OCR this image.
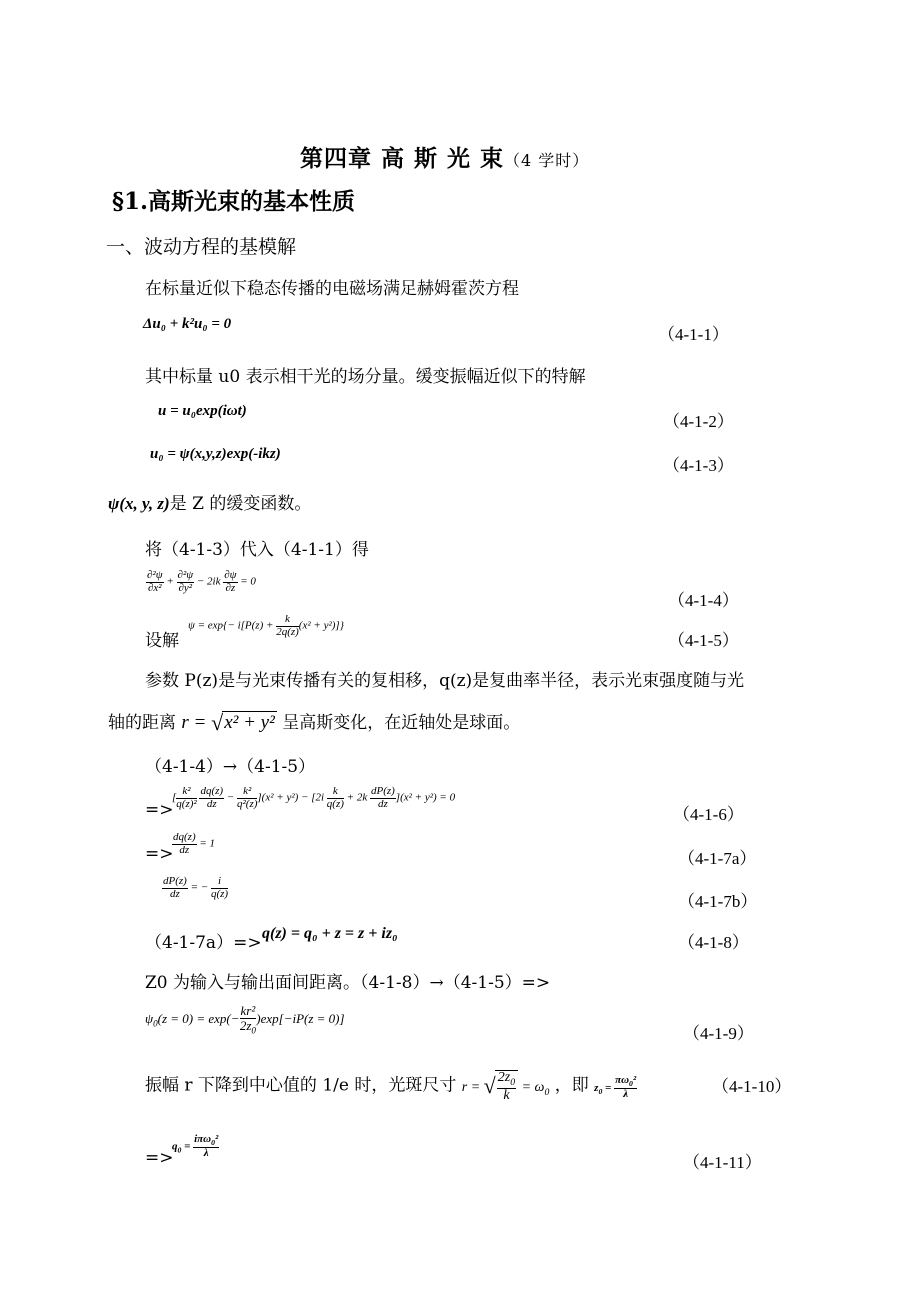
第四章 高 斯 光 束（4 学时）
§1.高斯光束的基本性质
一、波动方程的基模解
在标量近似下稳态传播的电磁场满足赫姆霍茨方程
Δu₀ + k²u₀ = 0
（4-1-1）
其中标量 u0 表示相干光的场分量。缓变振幅近似下的特解
u = u₀exp(iωt)
（4-1-2）
u₀ = ψ(x,y,z)exp(-ikz)
（4-1-3）
ψ(x, y, z)是 Z 的缓变函数。
将（4-1-3）代入（4-1-1）得
$\frac{\text{∂²ψ}}{\text{∂x²}} + \frac{\text{∂²ψ}}{\text{∂y²}} - 2ik \frac{\partial\psi}{\partial z} = 0$
（4-1-4）
设解
$\psi = \exp\{- i[P(z) + \frac{k}{2q(z)} (x^2 + y^2)]\}$
（4-1-5）
参数 P(z)是与光束传播有关的复相移，q(z)是复曲率半径，表示光束强度随与光
轴的距离 r = √x² + y² 呈高斯变化，在近轴处是球面。
（4-1-4）→（4-1-5）
=>
[ $\frac{\text{k²}}{\text{q(z)²}}$
$\frac{dq(z)}{dz} - \frac{\text{k²}}{\text{q²(z)}} ](x^2 + y^2) - [2i \frac{k}{q(z)} + 2k \frac{dP(z)}{dz} ](x^2 + y^2) = 0$
（4-1-6）
=>
$\frac{dq(z)}{dz} = 1$
（4-1-7a）
$\frac{dP(z)}{dz}$ = − $\frac{i}{q(z)}$
（4-1-7b）
（4-1-7a）=> q(z) = q₀ + z = z + iz₀	（4-1-8）
Z0 为输入与输出面间距离。（4-1-8）→（4-1-5）=>
$\psi_0(z = 0) = \exp(- \frac{\text{kr²}}{2z_0} )\exp[-iP(z = 0)]$
（4-1-9）
振幅 r 下降到中心值的 1/e 时，光斑尺寸 r = √ $\frac{2z_0}{k} = \omega_0$ ，即 $z_0 = \frac{\pi\omega_0^2}{\lambda}$	（4-1-10）
=>
$q_0 = \frac{i\pi\omega_0^2}{\lambda}$
（4-1-11）
